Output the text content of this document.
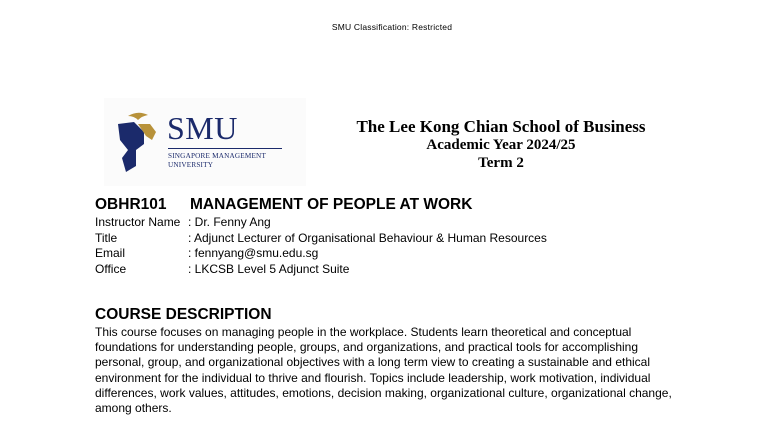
SMU Classification: Restricted
SMU
SINGAPORE MANAGEMENT
UNIVERSITY
The Lee Kong Chian School of Business
Academic Year 2024/25
Term 2
OBHR101 MANAGEMENT OF PEOPLE AT WORK
Instructor Name : Dr. Fenny Ang
Title	: Adjunct Lecturer of Organisational Behaviour & Human Resources
Email	: fennyang@smu.edu.sg
Office	: LKCSB Level 5 Adjunct Suite
COURSE DESCRIPTION
This course focuses on managing people in the workplace. Students learn theoretical and conceptual foundations for understanding people, groups, and organizations, and practical tools for accomplishing personal, group, and organizational objectives with a long term view to creating a sustainable and ethical environment for the individual to thrive and flourish. Topics include leadership, work motivation, individual differences, work values, attitudes, emotions, decision making, organizational culture, organizational change, among others.
